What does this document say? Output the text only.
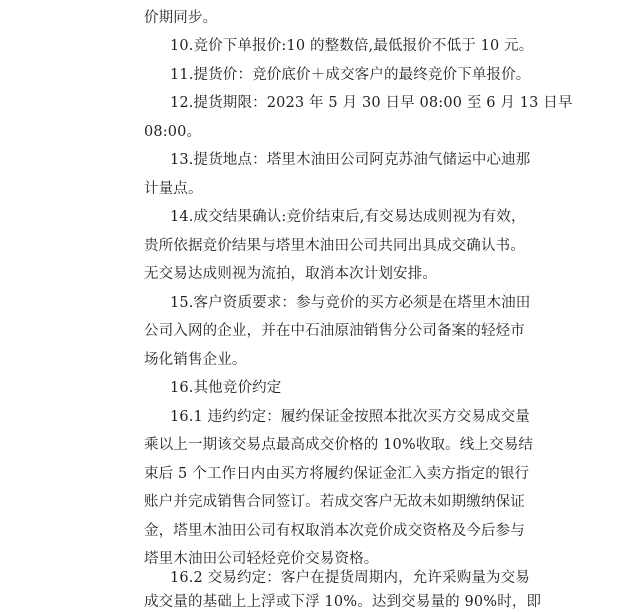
价期同步。
10.竞价下单报价:10 的整数倍,最低报价不低于 10 元。
11.提货价：竞价底价＋成交客户的最终竞价下单报价。
12.提货期限：2023 年 5 月 30 日早 08:00 至 6 月 13 日早
08:00。
13.提货地点：塔里木油田公司阿克苏油气储运中心迪那
计量点。
14.成交结果确认:竞价结束后,有交易达成则视为有效，
贵所依据竞价结果与塔里木油田公司共同出具成交确认书。
无交易达成则视为流拍，取消本次计划安排。
15.客户资质要求：参与竞价的买方必须是在塔里木油田
公司入网的企业，并在中石油原油销售分公司备案的轻烃市
场化销售企业。
16.其他竞价约定
16.1 违约约定：履约保证金按照本批次买方交易成交量
乘以上一期该交易点最高成交价格的 10%收取。线上交易结
束后 5 个工作日内由买方将履约保证金汇入卖方指定的银行
账户并完成销售合同签订。若成交客户无故未如期缴纳保证
金，塔里木油田公司有权取消本次竞价成交资格及今后参与
塔里木油田公司轻烃竞价交易资格。
16.2 交易约定：客户在提货周期内，允许采购量为交易
成交量的基础上上浮或下浮 10%。达到交易量的 90%时，即
